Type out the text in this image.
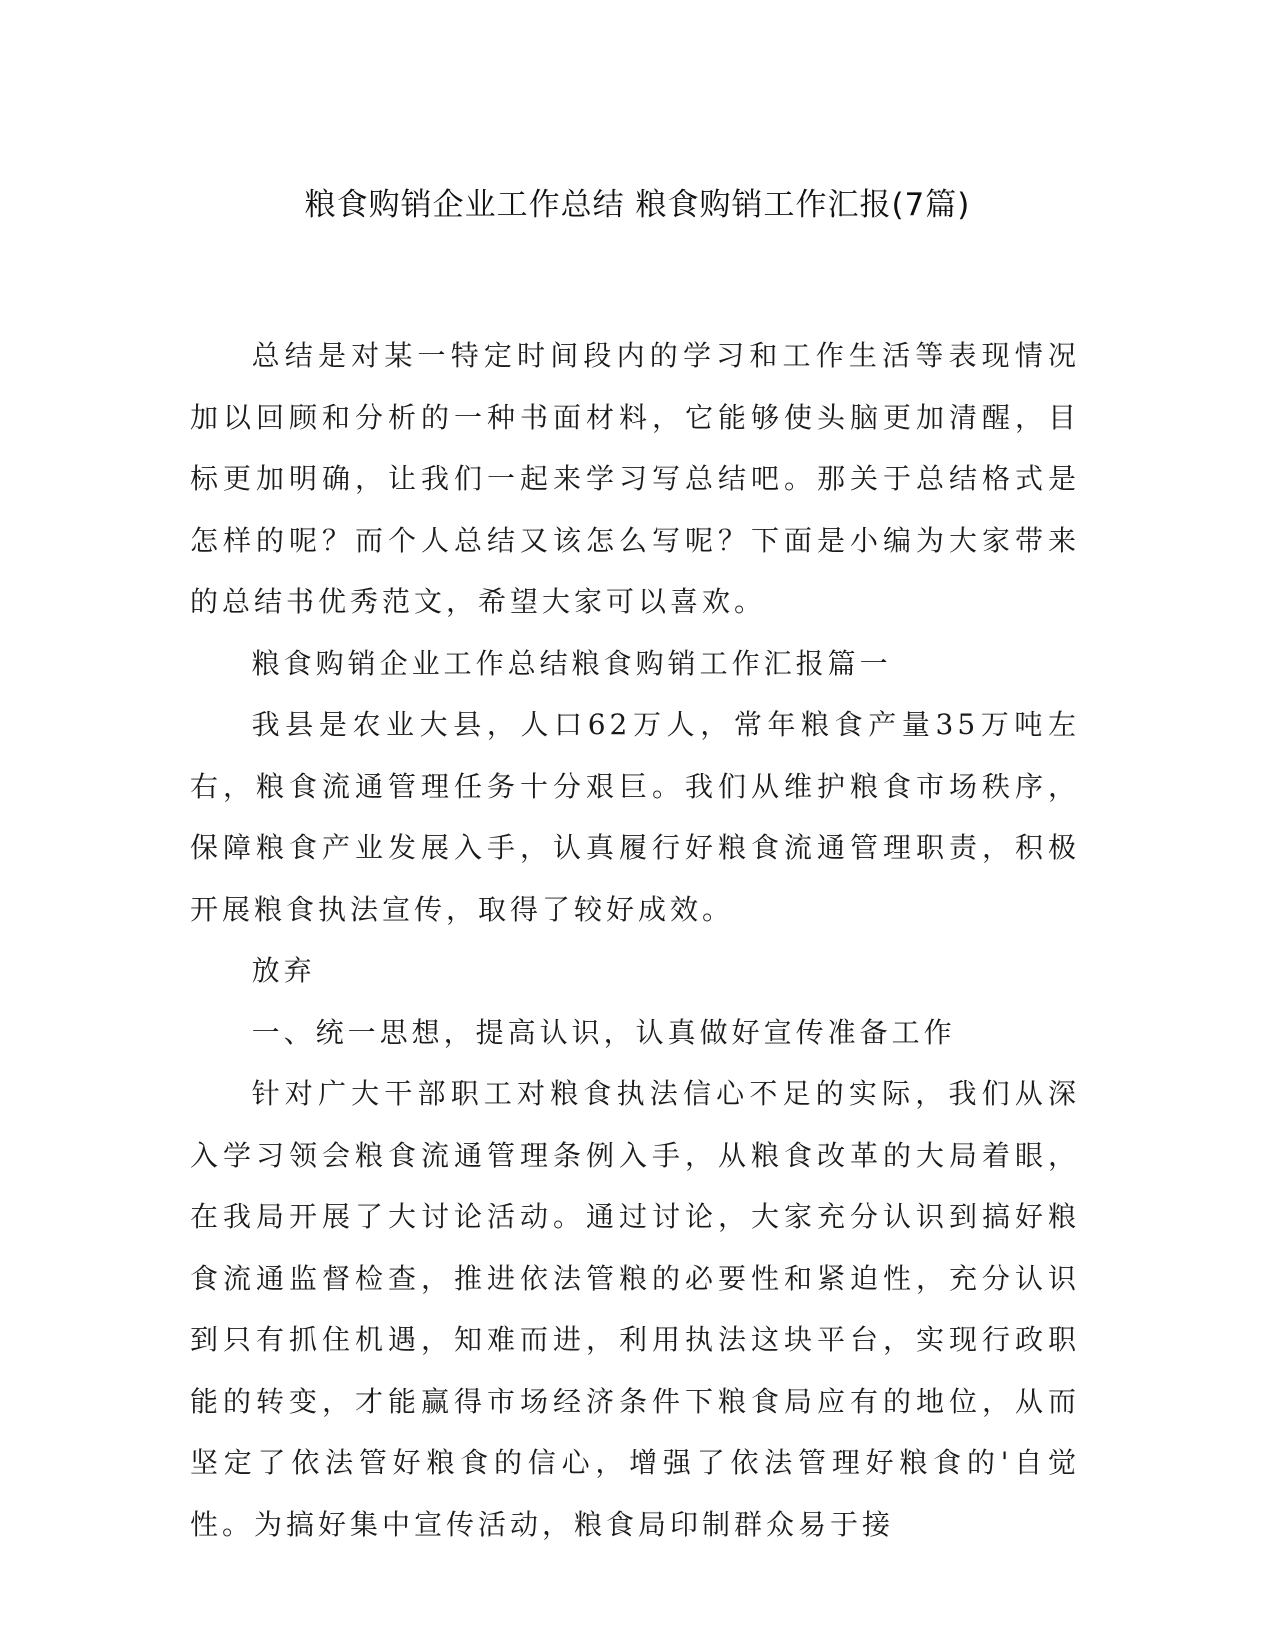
粮食购销企业工作总结 粮食购销工作汇报(7篇)

总结是对某一特定时间段内的学习和工作生活等表现情况加以回顾和分析的一种书面材料，它能够使头脑更加清醒，目标更加明确，让我们一起来学习写总结吧。那关于总结格式是怎样的呢？而个人总结又该怎么写呢？下面是小编为大家带来的总结书优秀范文，希望大家可以喜欢。

粮食购销企业工作总结粮食购销工作汇报篇一

我县是农业大县，人口62万人，常年粮食产量35万吨左右，粮食流通管理任务十分艰巨。我们从维护粮食市场秩序，保障粮食产业发展入手，认真履行好粮食流通管理职责，积极开展粮食执法宣传，取得了较好成效。

放弃

一、统一思想，提高认识，认真做好宣传准备工作

针对广大干部职工对粮食执法信心不足的实际，我们从深入学习领会粮食流通管理条例入手，从粮食改革的大局着眼，在我局开展了大讨论活动。通过讨论，大家充分认识到搞好粮食流通监督检查，推进依法管粮的必要性和紧迫性，充分认识到只有抓住机遇，知难而进，利用执法这块平台，实现行政职能的转变，才能赢得市场经济条件下粮食局应有的地位，从而坚定了依法管好粮食的信心，增强了依法管理好粮食的'自觉性。为搞好集中宣传活动，粮食局印制群众易于接
